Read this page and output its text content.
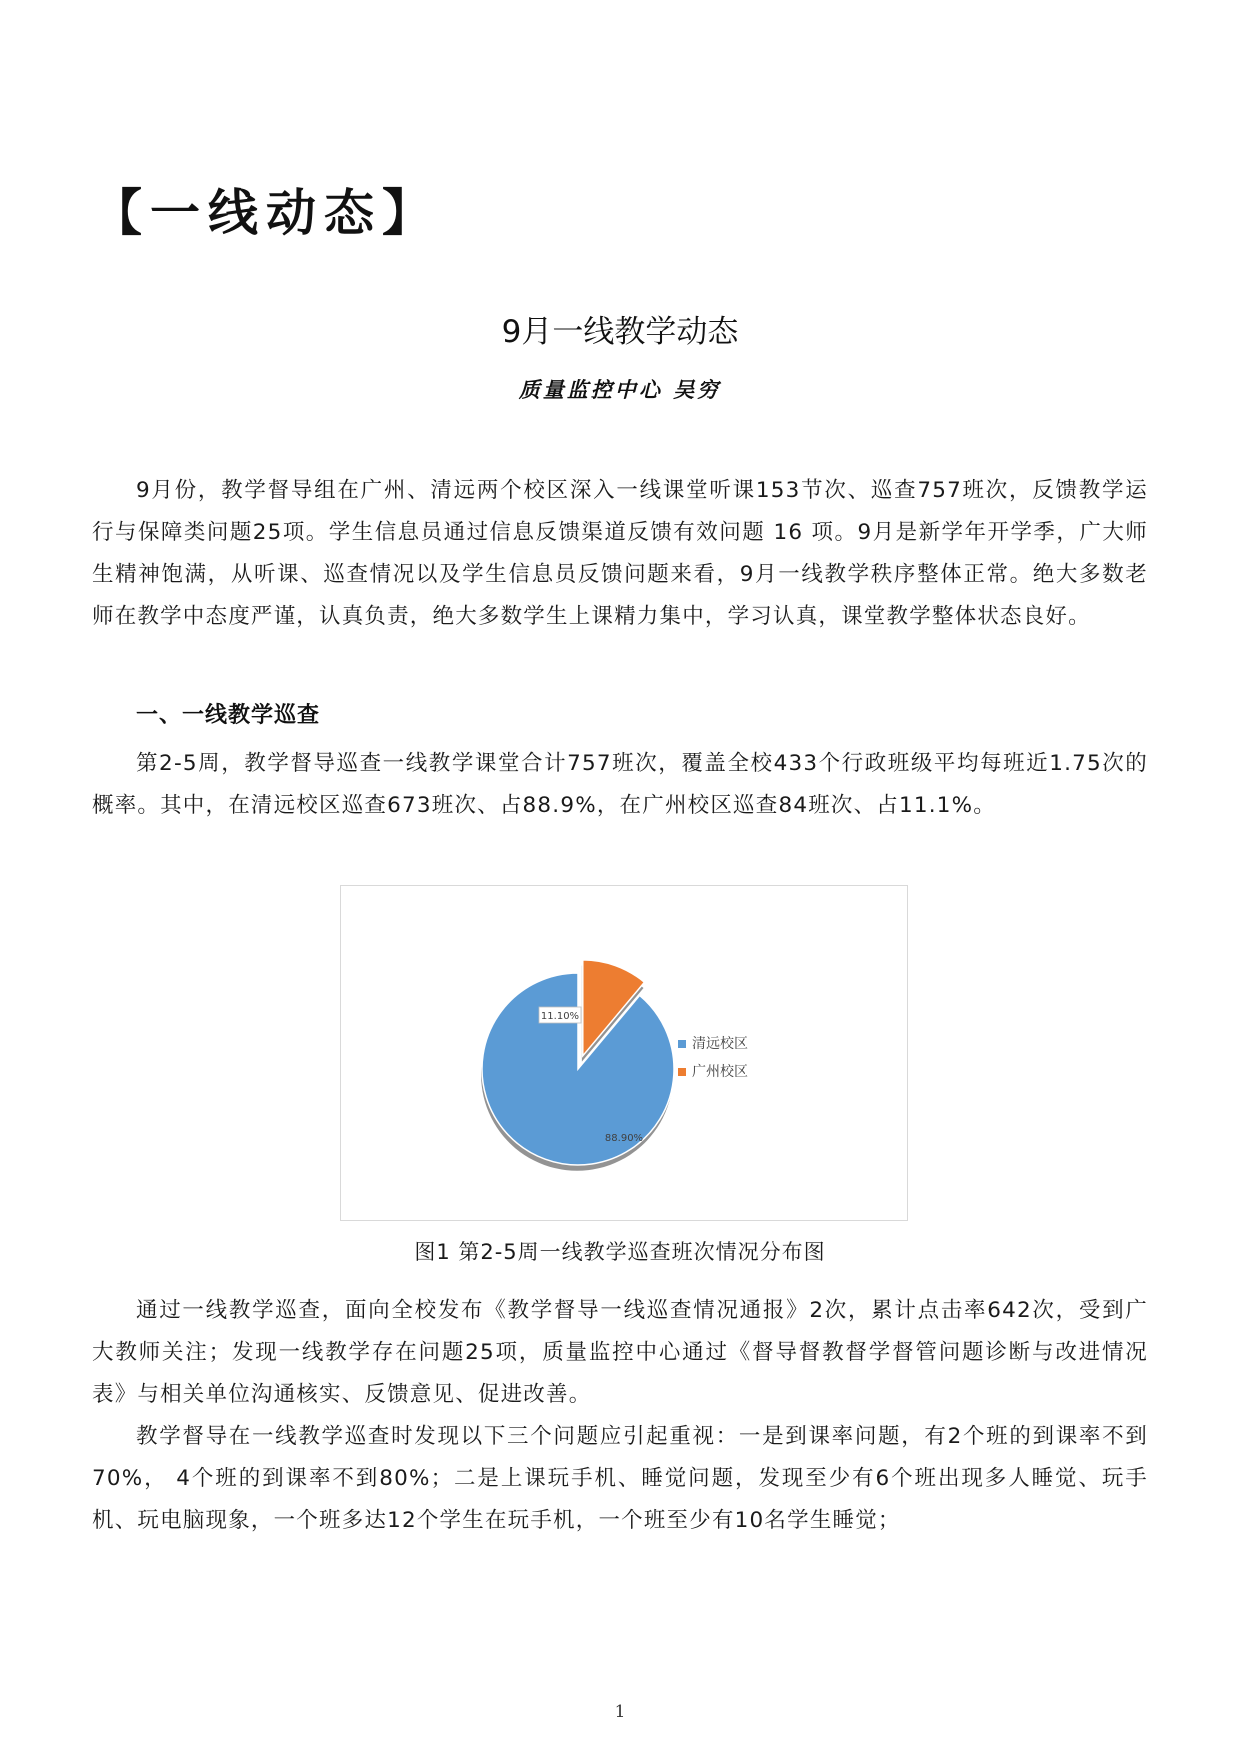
【一线动态】
9月一线教学动态
质量监控中心 吴穷

9月份，教学督导组在广州、清远两个校区深入一线课堂听课153节次、巡查757班次，反馈教学运行与保障类问题25项。学生信息员通过信息反馈渠道反馈有效问题 16 项。9月是新学年开学季，广大师生精神饱满，从听课、巡查情况以及学生信息员反馈问题来看，9月一线教学秩序整体正常。绝大多数老师在教学中态度严谨，认真负责，绝大多数学生上课精力集中，学习认真，课堂教学整体状态良好。

一、一线教学巡查

第2-5周，教学督导巡查一线教学课堂合计757班次，覆盖全校433个行政班级平均每班近1.75次的概率。其中，在清远校区巡查673班次、占88.9%，在广州校区巡查84班次、占11.1%。

88.90%
11.10%
清远校区
广州校区
图1 第2-5周一线教学巡查班次情况分布图

通过一线教学巡查，面向全校发布《教学督导一线巡查情况通报》2次，累计点击率642次，受到广大教师关注；发现一线教学存在问题25项，质量监控中心通过《督导督教督学督管问题诊断与改进情况表》与相关单位沟通核实、反馈意见、促进改善。

教学督导在一线教学巡查时发现以下三个问题应引起重视：一是到课率问题，有2个班的到课率不到70%， 4个班的到课率不到80%；二是上课玩手机、睡觉问题，发现至少有6个班出现多人睡觉、玩手机、玩电脑现象，一个班多达12个学生在玩手机，一个班至少有10名学生睡觉；

1
